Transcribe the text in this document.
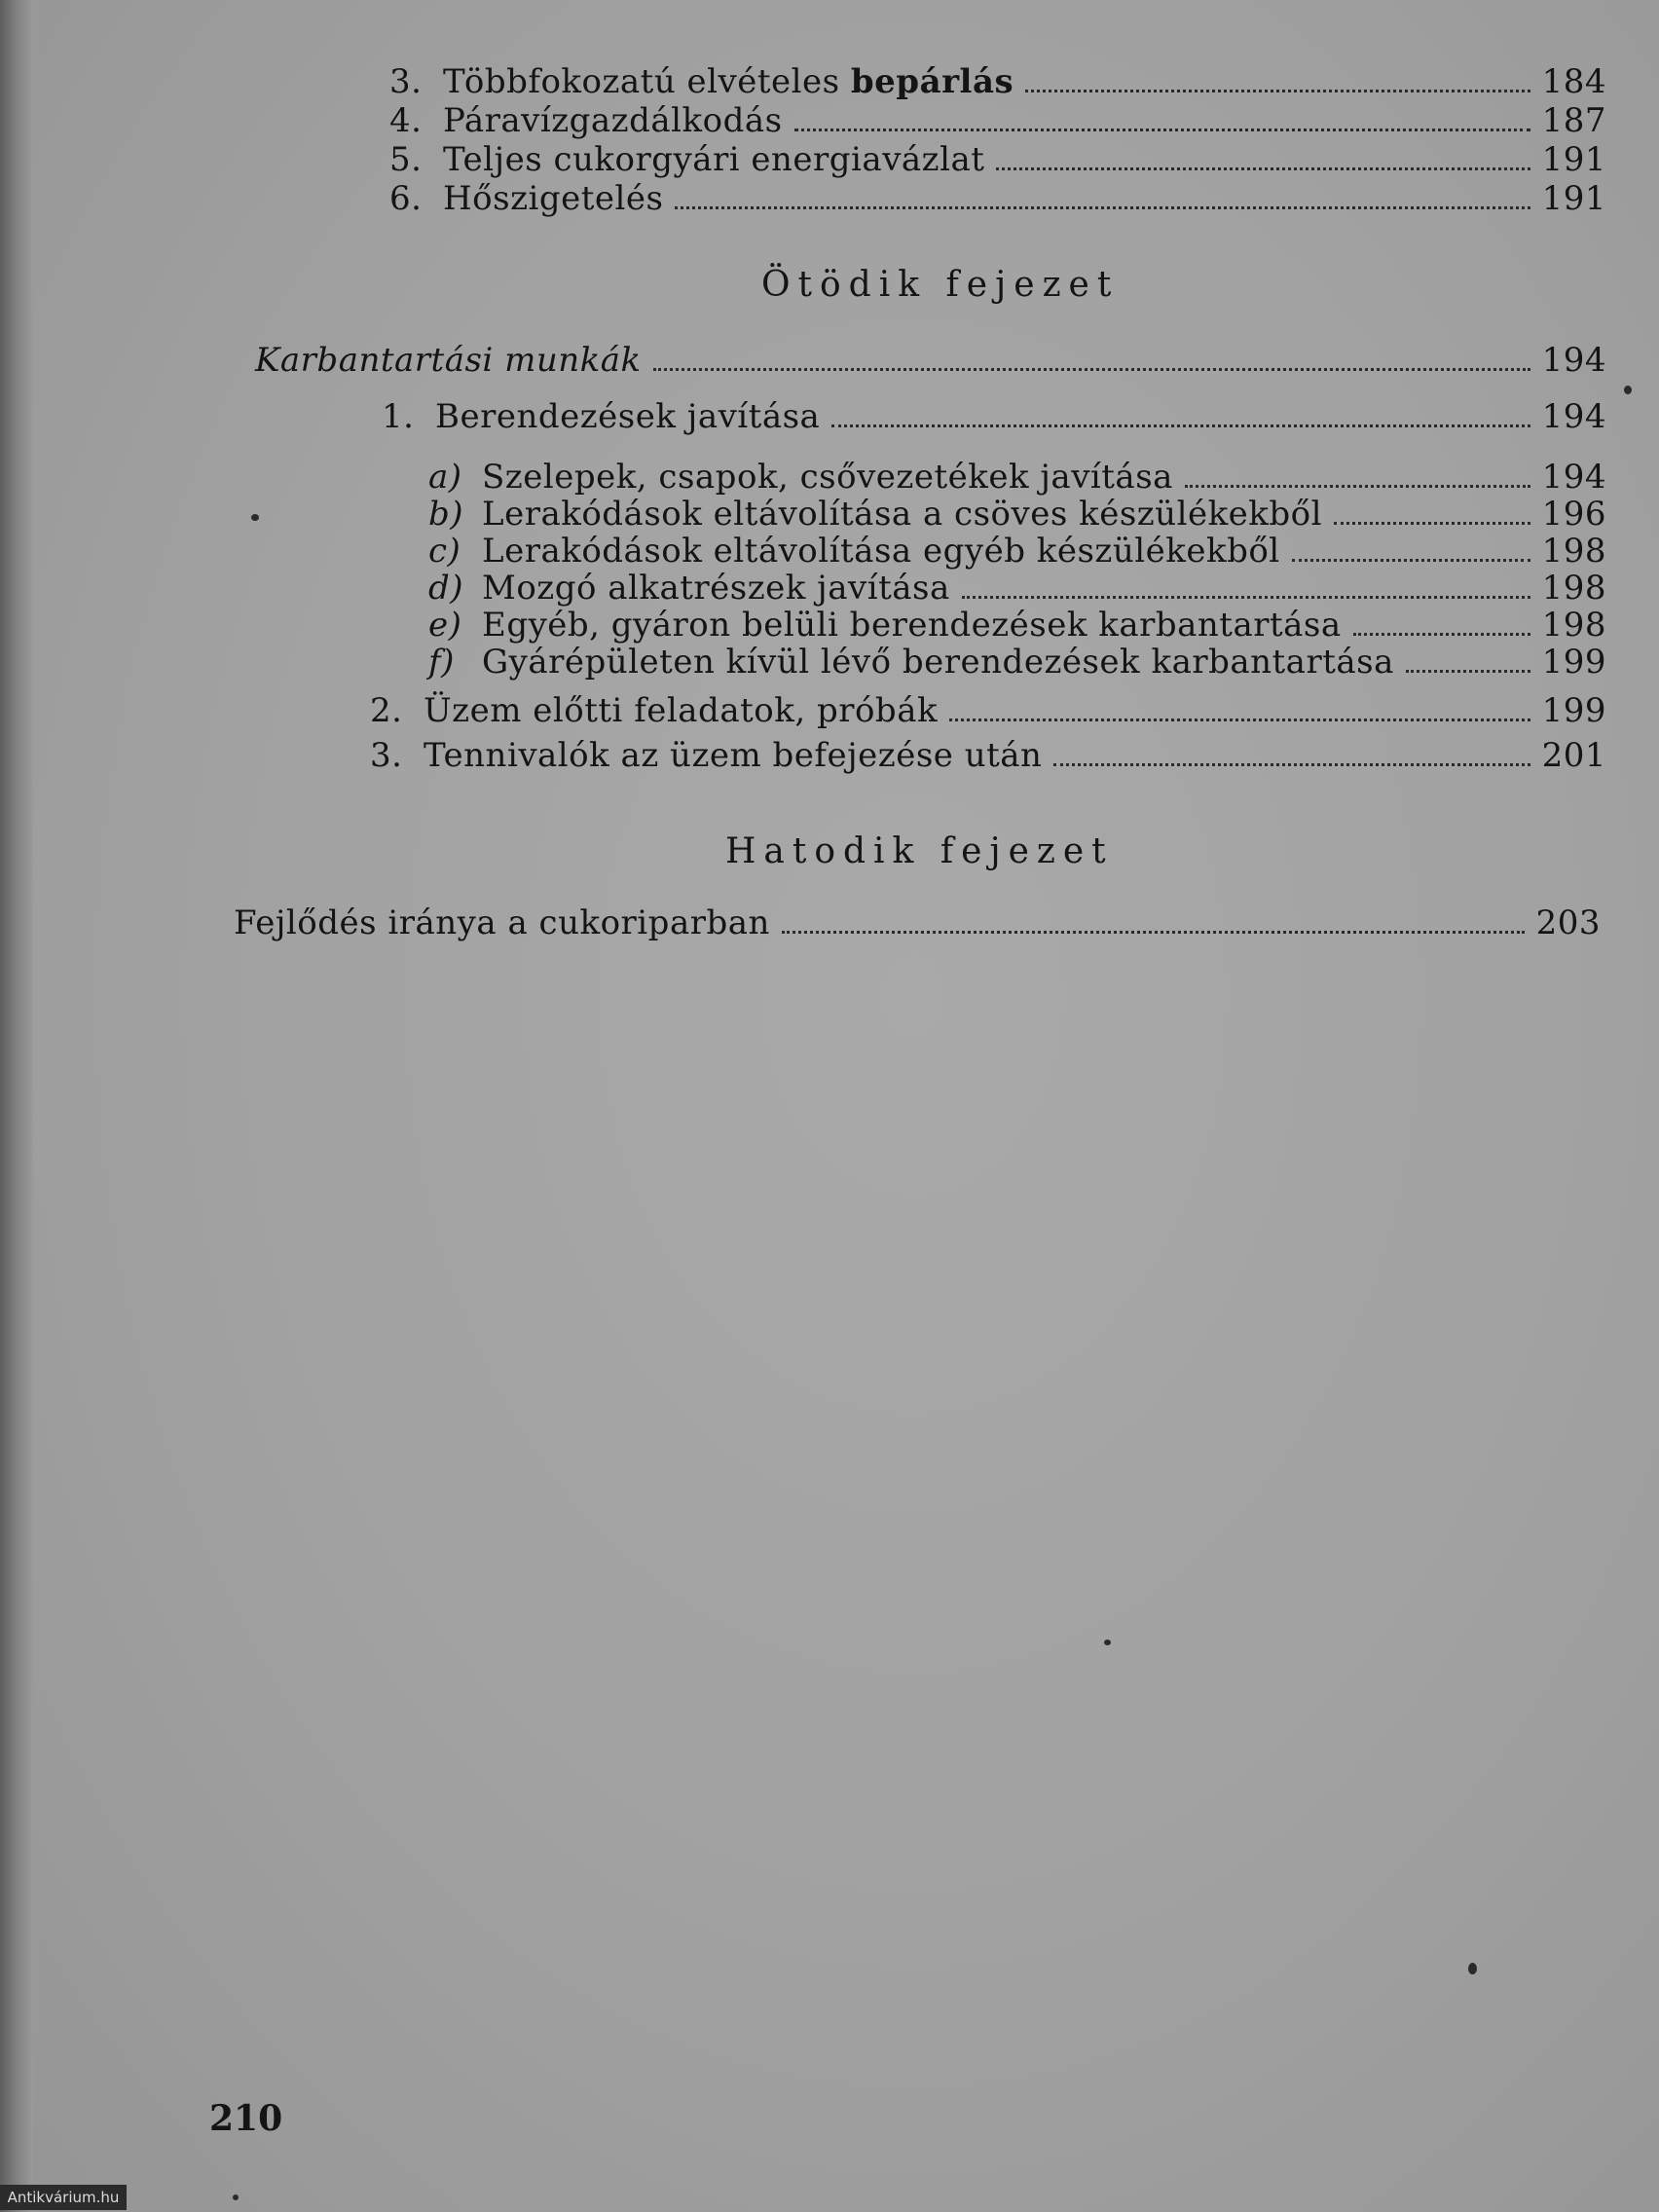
3. Többfokozatú elvételes bepárlás	184
4. Páravízgazdálkodás	187
5. Teljes cukorgyári energiavázlat	191
6. Hőszigetelés	191
Ötödik fejezet
Karbantartási munkák	194
1. Berendezések javítása	194
a) Szelepek, csapok, csővezetékek javítása	194
b) Lerakódások eltávolítása a csöves készülékekből	196
c) Lerakódások eltávolítása egyéb készülékekből	198
d) Mozgó alkatrészek javítása	198
e) Egyéb, gyáron belüli berendezések karbantartása	198
f) Gyárépületen kívül lévő berendezések karbantartása	199
2. Üzem előtti feladatok, próbák	199
3. Tennivalók az üzem befejezése után	201
Hatodik fejezet
Fejlődés iránya a cukoriparban	203
210
Antikvárium.hu
